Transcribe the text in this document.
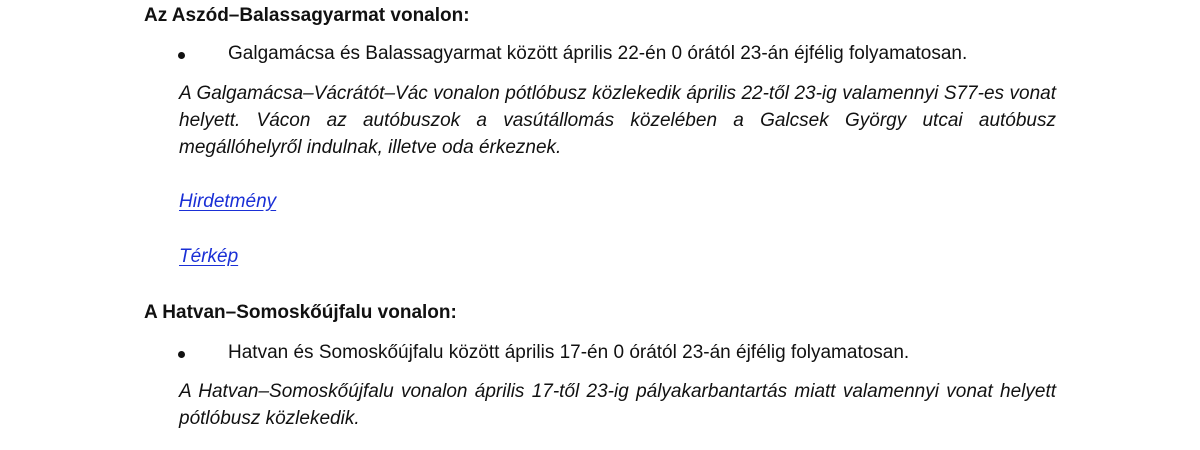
Az Aszód–Balassagyarmat vonalon:
Galgamácsa és Balassagyarmat között április 22-én 0 órától 23-án éjfélig folyamatosan.
A Galgamácsa–Vácrátót–Vác vonalon pótlóbusz közlekedik április 22-től 23-ig valamennyi S77-es vonat helyett. Vácon az autóbuszok a vasútállomás közelében a Galcsek György utcai autóbusz megállóhelyről indulnak, illetve oda érkeznek.
Hirdetmény
Térkép
A Hatvan–Somoskőújfalu vonalon:
Hatvan és Somoskőújfalu között április 17-én 0 órától 23-án éjfélig folyamatosan.
A Hatvan–Somoskőújfalu vonalon április 17-től 23-ig pályakarbantartás miatt valamennyi vonat helyett pótlóbusz közlekedik.
